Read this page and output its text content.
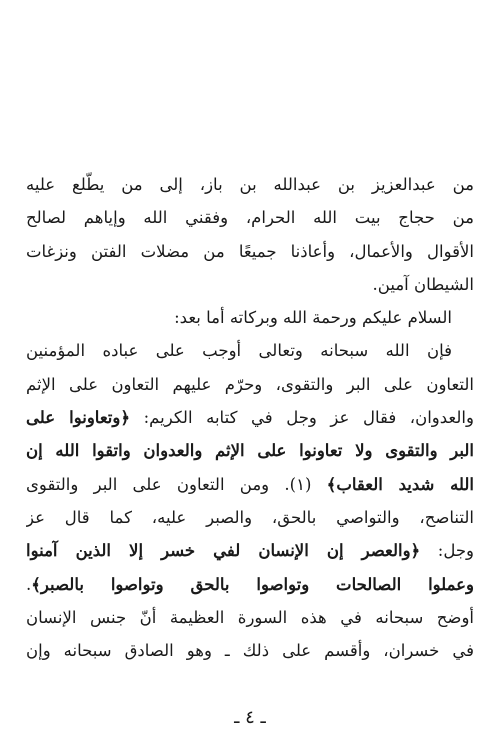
من عبدالعزيز بن عبدالله بن باز، إلى من يطّلع عليه
من حجاج بيت الله الحرام، وفقني الله وإياهم لصالح
الأقوال والأعمال، وأعاذنا جميعًا من مضلات الفتن ونزغات
الشيطان آمين.
السلام عليكم ورحمة الله وبركاته أما بعد:
فإن الله سبحانه وتعالى أوجب على عباده المؤمنين
التعاون على البر والتقوى، وحرّم عليهم التعاون على الإثم
والعدوان، فقال عز وجل في كتابه الكريم: ﴿وتعاونوا على
البر والتقوى ولا تعاونوا على الإثم والعدوان واتقوا الله إن
الله شديد العقاب﴾ (١). ومن التعاون على البر والتقوى
التناصح، والتواصي بالحق، والصبر عليه، كما قال عز
وجل: ﴿والعصر إن الإنسان لفي خسر إلا الذين آمنوا
وعملوا الصالحات وتواصوا بالحق وتواصوا بالصبر﴾.
أوضح سبحانه في هذه السورة العظيمة أنّ جنس الإنسان
في خسران، وأقسم على ذلك ـ وهو الصادق سبحانه وإن
ـ ٤ ـ
